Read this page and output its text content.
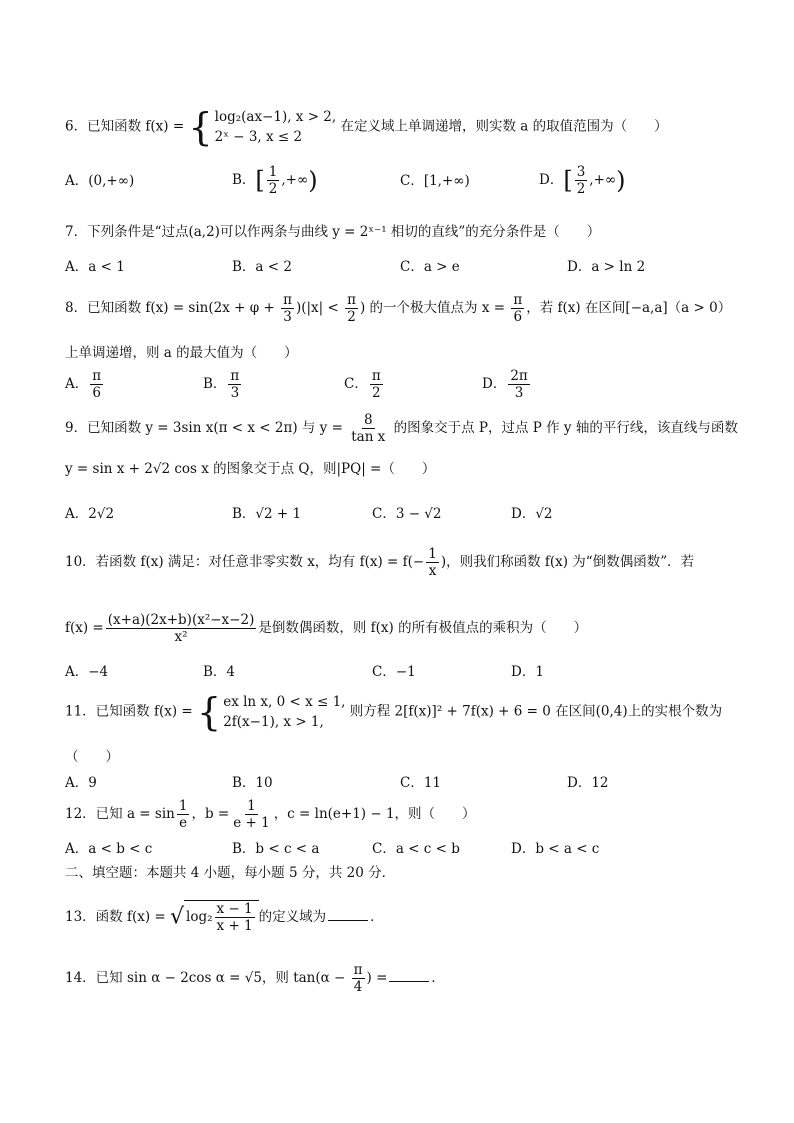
6．已知函数 f(x) = { log₂(ax−1), x > 2,
2ˣ − 3, x ≤ 2
在定义域上单调递增，则实数 a 的取值范围为（　　）
A．(0,+∞)	B．[ $\frac{1}{2}$ ,+∞)	C．[1,+∞)	D．[ $\frac{3}{2}$ ,+∞)
7．下列条件是“过点(a,2)可以作两条与曲线 y = 2ˣ⁻¹ 相切的直线”的充分条件是（　　）
A．a < 1	B．a < 2	C．a > e	D．a > ln 2
8．已知函数 $f(x) = \sin(2x + \varphi + \frac{\pi}{3} )(|x| < \frac{\pi}{2}$ ) 的一个极大值点为 $x = \frac{\pi}{6}$ ，若 f(x) 在区间[−a,a]（a > 0）
上单调递增，则 a 的最大值为（　　）
A． $\frac{\pi}{6}$	B． $\frac{\pi}{3}$	C． $\frac{\pi}{2}$	D． $\frac{2\pi}{3}$
9．已知函数 y = 3sin x(π < x < 2π) 与 $y = \frac{8}{\text{tan x}}$ 的图象交于点 P，过点 P 作 y 轴的平行线，该直线与函数
y = sin x + 2√2 cos x 的图象交于点 Q，则|PQ| =（　　）
A．2√2	B．√2 + 1	C．3 − √2	D．√2
10．若函数 f(x) 满足：对任意非零实数 x，均有 $f(x) = f(- \frac{1}{x}$ )，则我们称函数 f(x) 为“倒数偶函数”．若
$f(x) = \frac{\text{(x+a)(2x+b)(x²−x−2)}}{\text{x²}}$ 是倒数偶函数，则 f(x) 的所有极值点的乘积为（　　）
A．−4	B．4	C．−1	D．1
11．已知函数 f(x) = { ex ln x, 0 < x ≤ 1,
2f(x−1), x > 1,
则方程 2[f(x)]² + 7f(x) + 6 = 0 在区间(0,4)上的实根个数为
（　　）
A．9	B．10	C．11	D．12
12．已知 $a = \sin \frac{1}{e}$ ，$b = \frac{1}{e + 1}$ ，c = ln(e+1) − 1，则（　　）
A．a < b < c	B．b < c < a	C．a < c < b	D．b < a < c
二、填空题：本题共 4 小题，每小题 5 分，共 20 分．
13．函数 f(x) = √ $\log_2 \frac{x - 1}{x + 1}$ 的定义域为	．
14．已知 sin α − 2cos α = √5，则 $\tan(\alpha - \frac{\pi}{4}$ ) =	．
